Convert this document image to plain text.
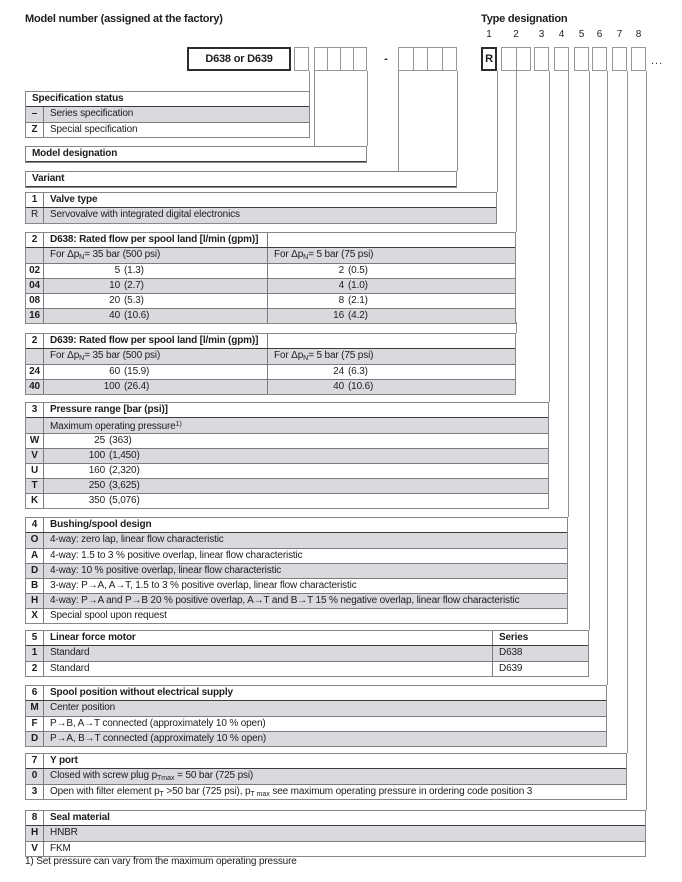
Model number (assigned at the factory)	Type designation
1	2	3	4	5	6	7	8
D638 or D639	-	R	...
Specification status
–	Series specification
Z	Special specification
Model designation
Variant
1	Valve type
R	Servovalve with integrated digital electronics
2	D638: Rated flow per spool land [l/min (gpm)]
For $\Delta p_N= 35$ bar (500 psi)	For $\Delta p_N= 5$ bar (75 psi)
02	5 (1.3)	2 (0.5)
04	10 (2.7)	4 (1.0)
08	20 (5.3)	8 (2.1)
16	40 (10.6)	16 (4.2)
2	D639: Rated flow per spool land [l/min (gpm)]
For $\Delta p_N= 35$ bar (500 psi)	For $\Delta p_N= 5$ bar (75 psi)
24	60 (15.9)	24 (6.3)
40	100 (26.4)	40 (10.6)
3	Pressure range [bar (psi)]
Maximum operating pressure$^{1)}$
W	25 (363)
V	100 (1,450)
U	160 (2,320)
T	250 (3,625)
K	350 (5,076)
4	Bushing/spool design
O	4-way: zero lap, linear flow characteristic
A	4-way: 1.5 to 3 % positive overlap, linear flow characteristic
D	4-way: 10 % positive overlap, linear flow characteristic
B	3-way: P→A, A→T, 1.5 to 3 % positive overlap, linear flow characteristic
H	4-way: P→A and P→B 20 % positive overlap, A→T and B→T 15 % negative overlap, linear flow characteristic
X	Special spool upon request
5	Linear force motor	Series
1	Standard	D638
2	Standard	D639
6	Spool position without electrical supply
M	Center position
F	P→B, A→T connected (approximately 10 % open)
D	P→A, B→T connected (approximately 10 % open)
7	Y port
0	Closed with screw plug $p_{Tmax} = 50$ bar (725 psi)
3	Open with filter element $p_T >50$ bar (725 psi), $p_{T max}$ see maximum operating pressure in ordering code position 3
8	Seal material
H	HNBR
V	FKM
1) Set pressure can vary from the maximum operating pressure
